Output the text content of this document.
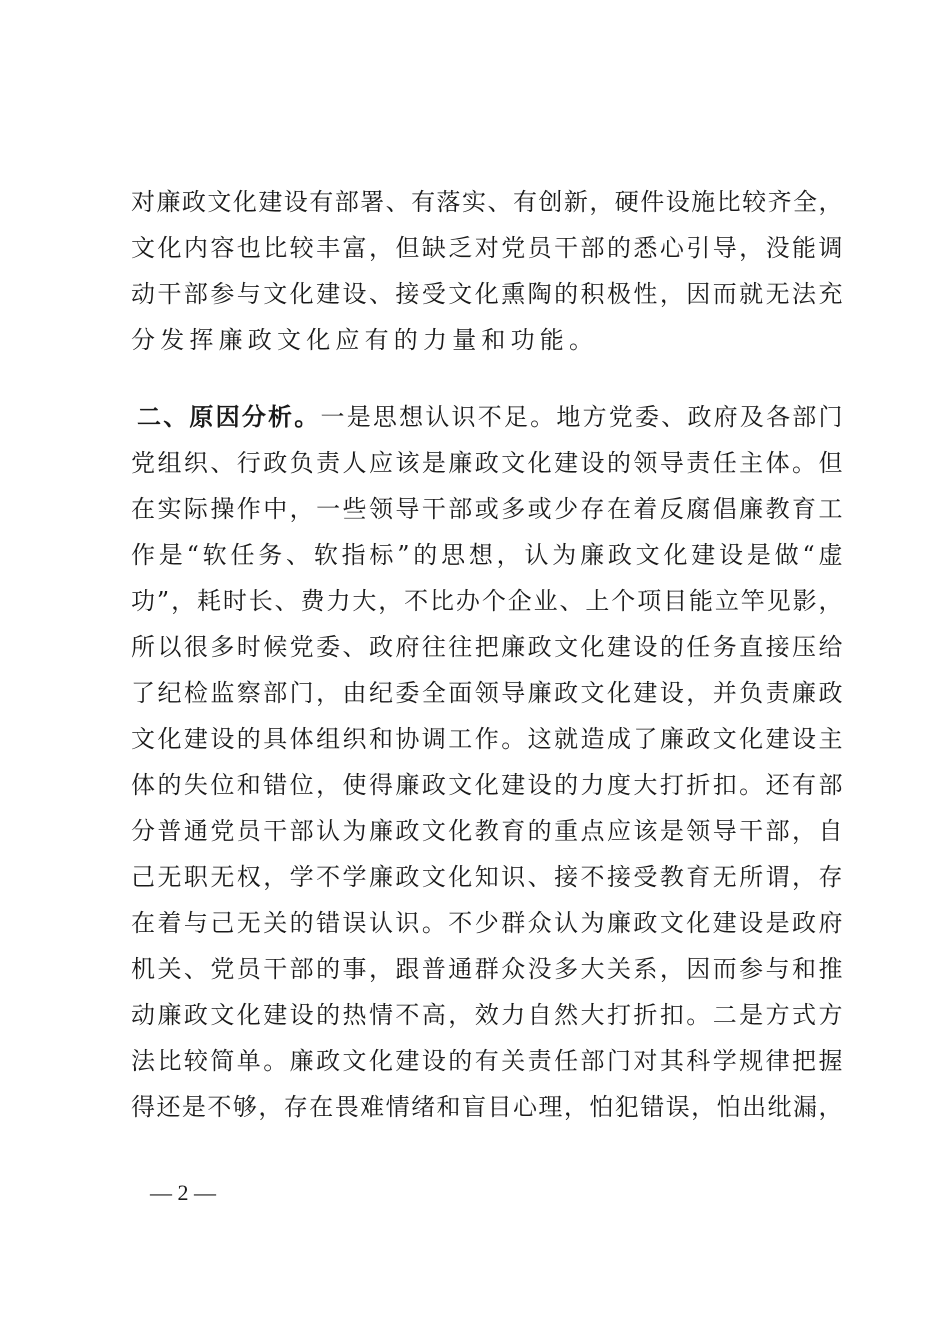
对廉政文化建设有部署、有落实、有创新，硬件设施比较齐全，
文化内容也比较丰富，但缺乏对党员干部的悉心引导，没能调
动干部参与文化建设、接受文化熏陶的积极性，因而就无法充
分发挥廉政文化应有的力量和功能。
二、原因分析。一是思想认识不足。地方党委、政府及各部门
党组织、行政负责人应该是廉政文化建设的领导责任主体。但
在实际操作中，一些领导干部或多或少存在着反腐倡廉教育工
作是“软任务、软指标”的思想，认为廉政文化建设是做“虚
功”，耗时长、费力大，不比办个企业、上个项目能立竿见影，
所以很多时候党委、政府往往把廉政文化建设的任务直接压给
了纪检监察部门，由纪委全面领导廉政文化建设，并负责廉政
文化建设的具体组织和协调工作。这就造成了廉政文化建设主
体的失位和错位，使得廉政文化建设的力度大打折扣。还有部
分普通党员干部认为廉政文化教育的重点应该是领导干部，自
己无职无权，学不学廉政文化知识、接不接受教育无所谓，存
在着与己无关的错误认识。不少群众认为廉政文化建设是政府
机关、党员干部的事，跟普通群众没多大关系，因而参与和推
动廉政文化建设的热情不高，效力自然大打折扣。二是方式方
法比较简单。廉政文化建设的有关责任部门对其科学规律把握
得还是不够，存在畏难情绪和盲目心理，怕犯错误，怕出纰漏，
— 2 —
